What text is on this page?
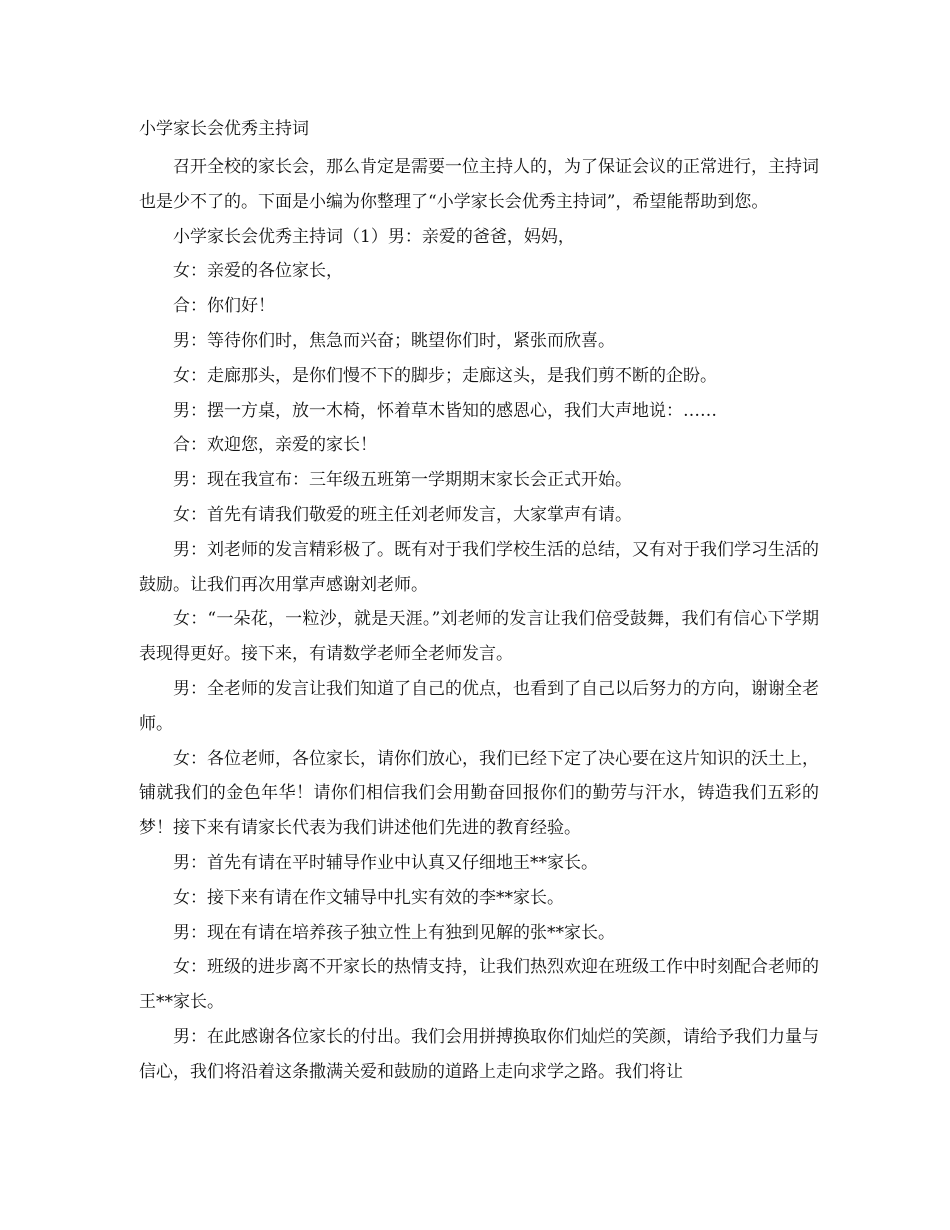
小学家长会优秀主持词

召开全校的家长会，那么肯定是需要一位主持人的，为了保证会议的正常进行，主持词也是少不了的。下面是小编为你整理了“小学家长会优秀主持词”，希望能帮助到您。

小学家长会优秀主持词（1）男：亲爱的爸爸，妈妈，

女：亲爱的各位家长，

合：你们好！

男：等待你们时，焦急而兴奋；眺望你们时，紧张而欣喜。

女：走廊那头，是你们慢不下的脚步；走廊这头，是我们剪不断的企盼。

男：摆一方桌，放一木椅，怀着草木皆知的感恩心，我们大声地说：……

合：欢迎您，亲爱的家长！

男：现在我宣布：三年级五班第一学期期末家长会正式开始。

女：首先有请我们敬爱的班主任刘老师发言，大家掌声有请。

男：刘老师的发言精彩极了。既有对于我们学校生活的总结，又有对于我们学习生活的鼓励。让我们再次用掌声感谢刘老师。

女：“一朵花，一粒沙，就是天涯。”刘老师的发言让我们倍受鼓舞，我们有信心下学期表现得更好。接下来，有请数学老师全老师发言。

男：全老师的发言让我们知道了自己的优点，也看到了自己以后努力的方向，谢谢全老师。

女：各位老师，各位家长，请你们放心，我们已经下定了决心要在这片知识的沃土上，铺就我们的金色年华！请你们相信我们会用勤奋回报你们的勤劳与汗水，铸造我们五彩的梦！接下来有请家长代表为我们讲述他们先进的教育经验。

男：首先有请在平时辅导作业中认真又仔细地王**家长。

女：接下来有请在作文辅导中扎实有效的李**家长。

男：现在有请在培养孩子独立性上有独到见解的张**家长。

女：班级的进步离不开家长的热情支持，让我们热烈欢迎在班级工作中时刻配合老师的王**家长。

男：在此感谢各位家长的付出。我们会用拼搏换取你们灿烂的笑颜，请给予我们力量与信心，我们将沿着这条撒满关爱和鼓励的道路上走向求学之路。我们将让
